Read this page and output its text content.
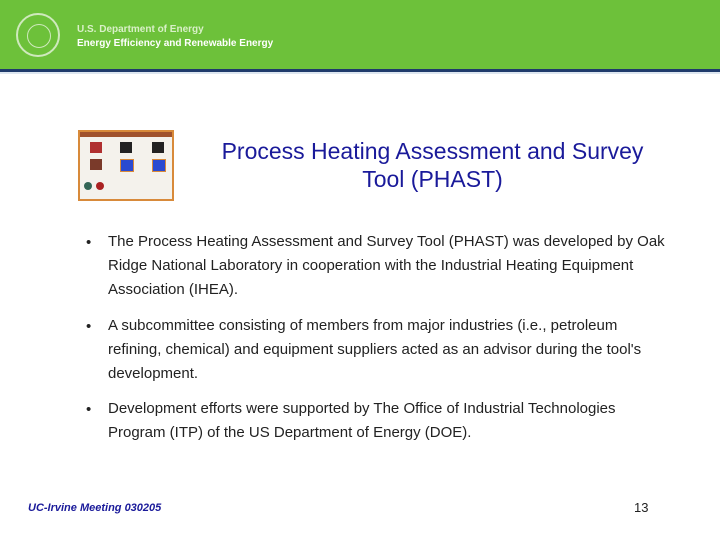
U.S. Department of Energy
Energy Efficiency and Renewable Energy
Process Heating Assessment and Survey Tool (PHAST)
• The Process Heating Assessment and Survey Tool (PHAST) was developed by Oak Ridge National Laboratory in cooperation with the Industrial Heating Equipment Association (IHEA).
• A subcommittee consisting of members from major industries (i.e., petroleum refining, chemical) and equipment suppliers acted as an advisor during the tool's development.
• Development efforts were supported by The Office of Industrial Technologies Program (ITP) of the US Department of Energy (DOE).
UC-Irvine Meeting 030205	13
